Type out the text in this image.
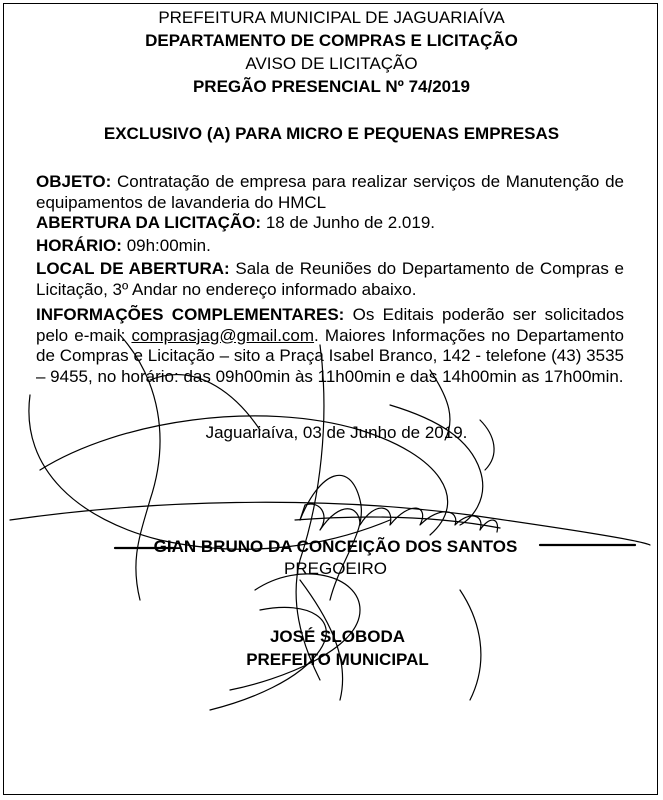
PREFEITURA MUNICIPAL DE JAGUARIAÍVA
DEPARTAMENTO DE COMPRAS E LICITAÇÃO
AVISO DE LICITAÇÃO
PREGÃO PRESENCIAL Nº 74/2019
EXCLUSIVO (A) PARA MICRO E PEQUENAS EMPRESAS
OBJETO: Contratação de empresa para realizar serviços de Manutenção de equipamentos de lavanderia do HMCL
ABERTURA DA LICITAÇÃO: 18 de Junho de 2.019.
HORÁRIO: 09h:00min.
LOCAL DE ABERTURA: Sala de Reuniões do Departamento de Compras e Licitação, 3º Andar no endereço informado abaixo.
INFORMAÇÕES COMPLEMENTARES: Os Editais poderão ser solicitados pelo e-mail: comprasjag@gmail.com. Maiores Informações no Departamento de Compras e Licitação – sito a Praça Isabel Branco, 142 - telefone (43) 3535 – 9455, no horário: das 09h00min às 11h00min e das 14h00min as 17h00min.
Jaguariaíva, 03 de Junho de 2019.
GIAN BRUNO DA CONCEIÇÃO DOS SANTOS
PREGOEIRO
JOSÉ SLOBODA
PREFEITO MUNICIPAL
